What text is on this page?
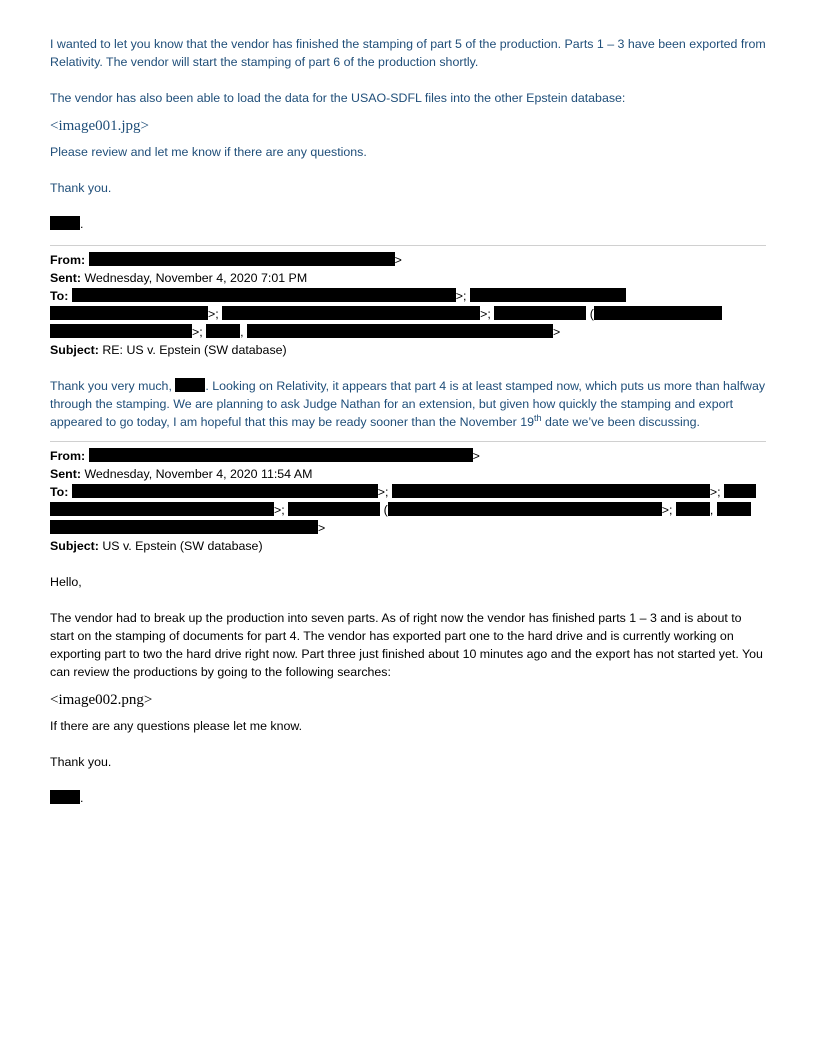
I wanted to let you know that the vendor has finished the stamping of part 5 of the production. Parts 1 – 3 have been exported from Relativity. The vendor will start the stamping of part 6 of the production shortly.

The vendor has also been able to load the data for the USAO-SDFL files into the other Epstein database:

<image001.jpg>

Please review and let me know if there are any questions.

Thank you.

.

From:	>

Sent: Wednesday, November 4, 2020 7:01 PM

To:	>;

>;	>;	(

>;	,	>

Subject: RE: US v. Epstein (SW database)

Thank you very much,	. Looking on Relativity, it appears that part 4 is at least stamped now, which puts us more than halfway through the stamping. We are planning to ask Judge Nathan for an extension, but given how quickly the stamping and export appeared to go today, I am hopeful that this may be ready sooner than the November 19th date we’ve been discussing.

From:	>

Sent: Wednesday, November 4, 2020 11:54 AM

To:	>;	>;

>;	(	>;	,

>

Subject: US v. Epstein (SW database)

Hello,

The vendor had to break up the production into seven parts. As of right now the vendor has finished parts 1 – 3 and is about to start on the stamping of documents for part 4. The vendor has exported part one to the hard drive and is currently working on exporting part to two the hard drive right now. Part three just finished about 10 minutes ago and the export has not started yet. You can review the productions by going to the following searches:

<image002.png>

If there are any questions please let me know.

Thank you.

.
